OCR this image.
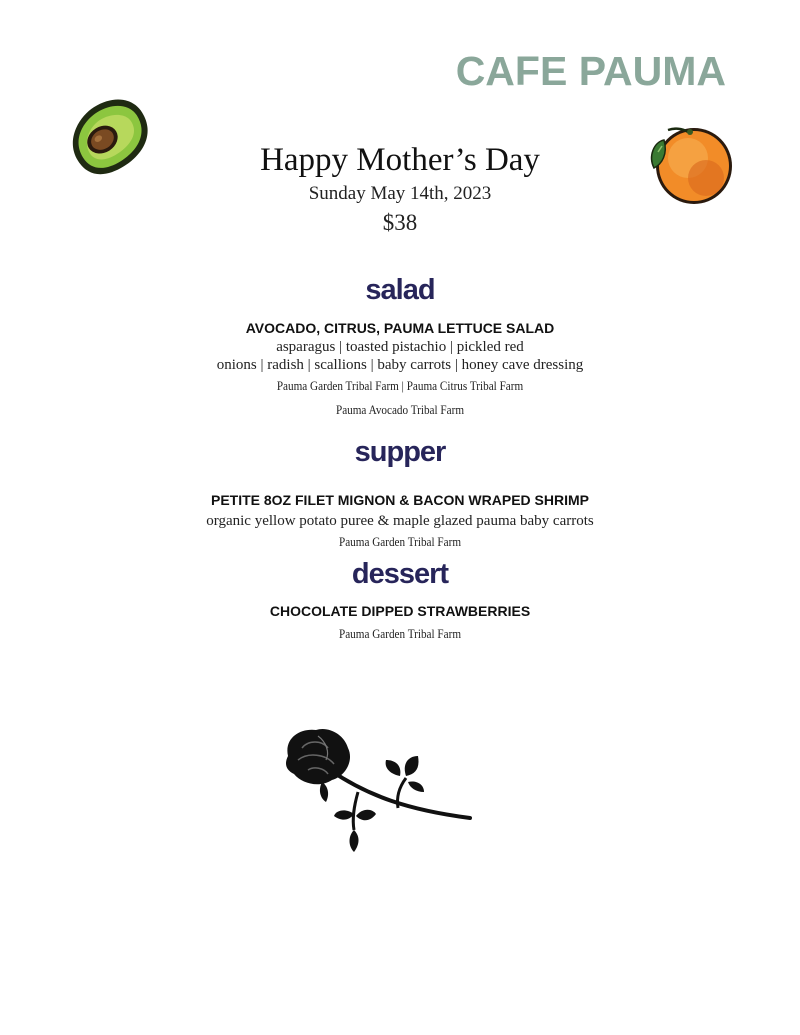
CAFE PAUMA
Happy Mother’s Day
Sunday May 14th, 2023
$38
salad
AVOCADO, CITRUS, PAUMA LETTUCE SALAD
asparagus | toasted pistachio | pickled red
onions | radish | scallions | baby carrots | honey cave dressing
Pauma Garden Tribal Farm | Pauma Citrus Tribal Farm
Pauma Avocado Tribal Farm
supper
PETITE 8OZ FILET MIGNON & BACON WRAPED SHRIMP
organic yellow potato puree & maple glazed pauma baby carrots
Pauma Garden Tribal Farm
dessert
CHOCOLATE DIPPED STRAWBERRIES
Pauma Garden Tribal Farm
